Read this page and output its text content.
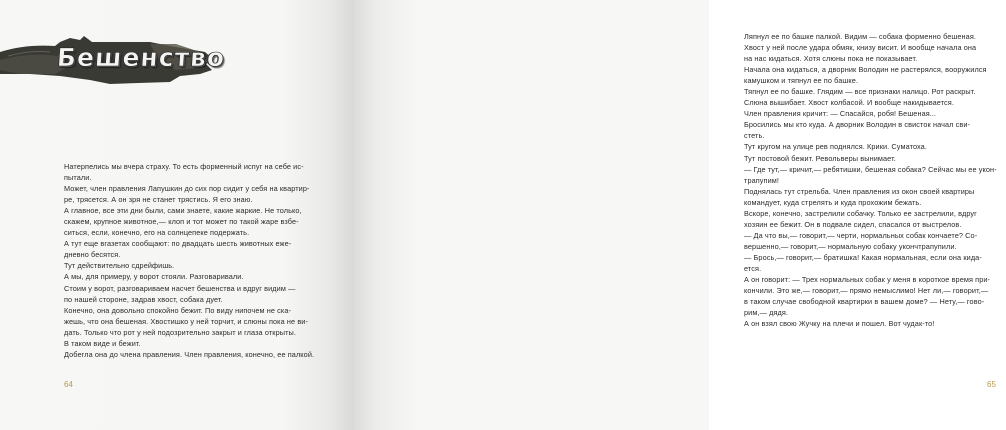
Бешенство
Натерпелись мы вчера страху. То есть форменный испуг на себе ис-
пытали.
Может, член правления Лапушкин до сих пор сидит у себя на квартир-
ре, трясется. А он зря не станет трястись. Я его знаю.
А главное, все эти дни были, сами знаете, какие жаркие. Не только,
скажем, крупное животное,— клоп и тот может по такой жаре взбе-
ситься, если, конечно, его на солнцепеке подержать.
А тут еще вгазетах сообщают: по двадцать шесть животных еже-
дневно бесятся.
Тут действительно сдрейфишь.
А мы, для примеру, у ворот стояли. Разговаривали.
Стоим у ворот, разговариваем насчет бешенства и вдруг видим —
по нашей стороне, задрав хвост, собака дует.
Конечно, она довольно спокойно бежит. По виду нипочем не ска-
жешь, что она бешеная. Хвостишко у ней торчит, и слюны пока не ви-
дать. Только что рот у ней подозрительно закрыт и глаза открыты.
В таком виде и бежит.
Добегла она до члена правления. Член правления, конечно, ее палкой.
64
Ляпнул ее по башке палкой. Видим — собака форменно бешеная.
Хвост у ней после удара обмяк, книзу висит. И вообще начала она
на нас кидаться. Хотя слюны пока не показывает.
Начала она кидаться, а дворник Володин не растерялся, вооружился
камушком и тяпнул ее по башке.
Тяпнул ее по башке. Глядим — все признаки налицо. Рот раскрыт.
Слюна вышибает. Хвост колбасой. И вообще накидывается.
Член правления кричит: — Спасайся, робя! Бешеная...
Бросились мы кто куда. А дворник Володин в свисток начал сви-
стеть.
Тут кругом на улице рев поднялся. Крики. Суматоха.
Тут постовой бежит. Револьверы вынимает.
— Где тут,— кричит,— ребятишки, бешеная собака? Сейчас мы ее укон-
трапупим!
Поднялась тут стрельба. Член правления из окон своей квартиры
командует, куда стрелять и куда прохожим бежать.
Вскоре, конечно, застрелили собачку. Только ее застрелили, вдруг
хозяин ее бежит. Он в подвале сидел, спасался от выстрелов.
— Да что вы,— говорит,— черти, нормальных собак кончаете? Со-
вершенно,— говорит,— нормальную собаку укончтрапупили.
— Брось,— говорит,— братишка! Какая нормальная, если она кида-
ется.
А он говорит: — Трех нормальных собак у меня в короткое время при-
кончили. Это же,— говорит,— прямо немыслимо! Нет ли,— говорит,—
в таком случае свободной квартирки в вашем доме? — Нету,— гово-
рим,— дядя.
А он взял свою Жучку на плечи и пошел. Вот чудак-то!
65
